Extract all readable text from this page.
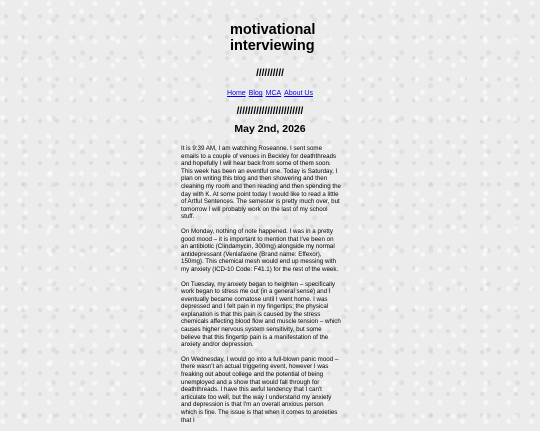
motivational interviewing
//////////
Home Blog MCA About Us
////////////////////////
May 2nd, 2026

It is 9:39 AM, I am watching Roseanne. I sent some emails to a couple of venues in Beckley for deaththreads and hopefully I will hear back from some of them soon. This week has been an eventful one. Today is Saturday, I plan on writing this blog and then showering and then cleaning my room and then reading and then spending the day with K. At some point today I would like to read a little of Artful Sentences. The semester is pretty much over, but tomorrow I will probably work on the last of my school stuff.

On Monday, nothing of note happened. I was in a pretty good mood – it is important to mention that I've been on an antibiotic (Clindamycin, 300mg) alongside my normal antidepressant (Venlafaxine (Brand name: Effexor), 150mg). This chemical mesh would end up messing with my anxiety (ICD-10 Code: F41.1) for the rest of the week.

On Tuesday, my anxiety began to heighten – specifically work began to stress me out (in a general sense) and I eventually became comatose until I went home. I was depressed and I felt pain in my fingertips; the physical explanation is that this pain is caused by the stress chemicals affecting blood flow and muscle tension – which causes higher nervous system sensitivity, but some believe that this fingertip pain is a manifestation of the anxiety and/or depression.

On Wednesday, I would go into a full-blown panic mood – there wasn't an actual triggering event, however I was freaking out about college and the potential of being unemployed and a show that would fall through for deaththreads. I have this awful tendency that I can't articulate too well, but the way I understand my anxiety and depression is that I'm an overall anxious person which is fine. The issue is that when it comes to anxieties that I
